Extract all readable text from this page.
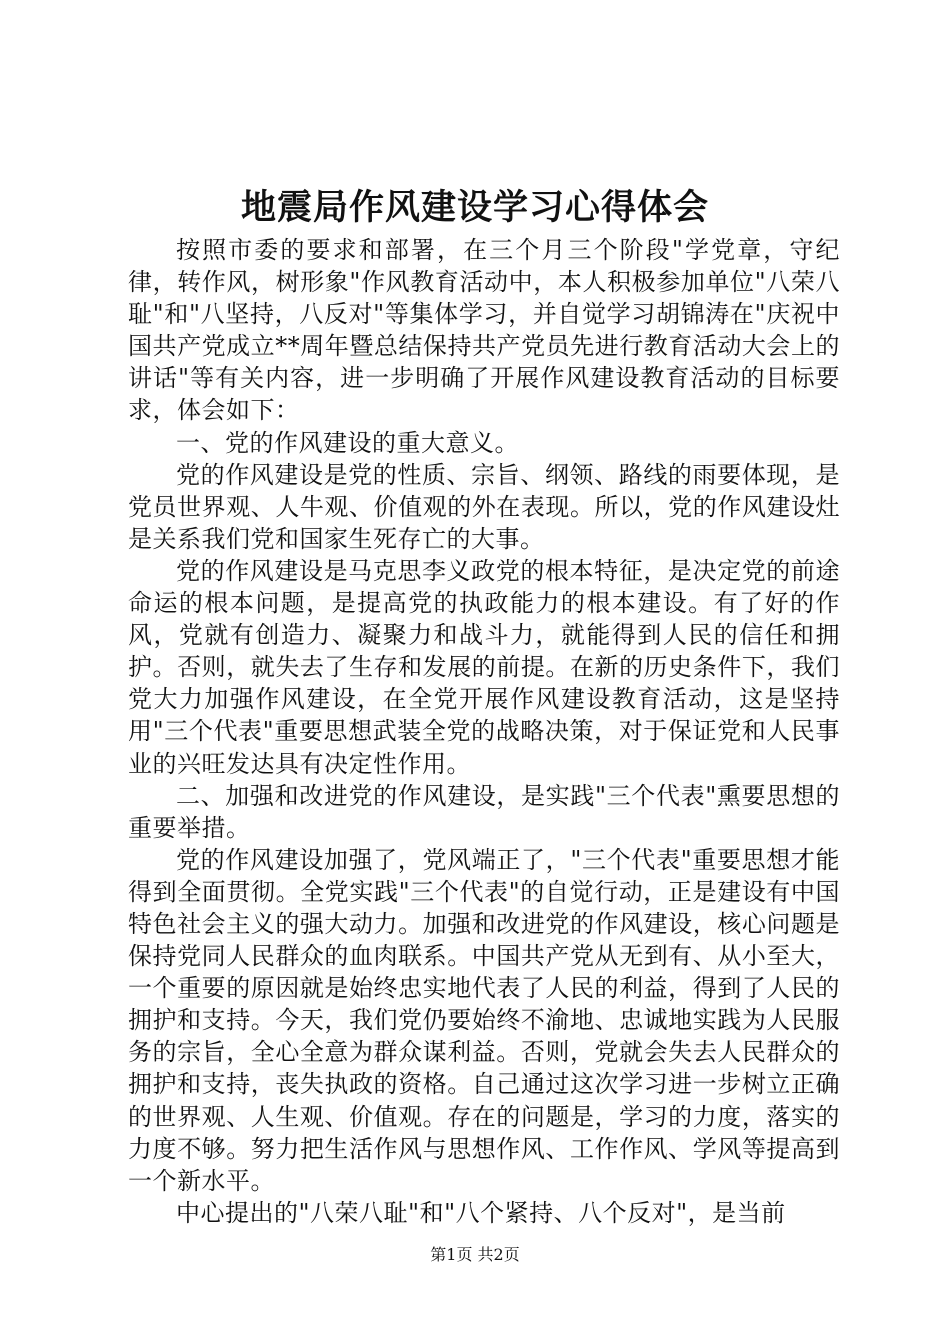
地震局作风建设学习心得体会

按照市委的要求和部署，在三个月三个阶段"学党章，守纪律，转作风，树形象"作风教育活动中，本人积极参加单位"八荣八耻"和"八坚持，八反对"等集体学习，并自觉学习胡锦涛在"庆祝中国共产党成立**周年暨总结保持共产党员先进行教育活动大会上的讲话"等有关内容，进一步明确了开展作风建设教育活动的目标要求，体会如下：

一、党的作风建设的重大意义。

党的作风建设是党的性质、宗旨、纲领、路线的雨要体现，是党员世界观、人牛观、价值观的外在表现。所以，党的作风建设灶是关系我们党和国家生死存亡的大事。

党的作风建设是马克思李义政党的根本特征，是决定党的前途命运的根本问题，是提高党的执政能力的根本建设。有了好的作风，党就有创造力、凝聚力和战斗力，就能得到人民的信任和拥护。否则，就失去了生存和发展的前提。在新的历史条件下，我们党大力加强作风建设，在全党开展作风建设教育活动，这是坚持用"三个代表"重要思想武装全党的战略决策，对于保证党和人民事业的兴旺发达具有决定性作用。

二、加强和改进党的作风建设，是实践"三个代表"熏要思想的重要举措。

党的作风建设加强了，党风端正了，"三个代表"重要思想才能得到全面贯彻。全党实践"三个代表"的自觉行动，正是建设有中国特色社会主义的强大动力。加强和改进党的作风建设，核心问题是保持党同人民群众的血肉联系。中国共产党从无到有、从小至大，一个重要的原因就是始终忠实地代表了人民的利益，得到了人民的拥护和支持。今天，我们党仍要始终不渝地、忠诚地实践为人民服务的宗旨，全心全意为群众谋利益。否则，党就会失去人民群众的拥护和支持，丧失执政的资格。自己通过这次学习进一步树立正确的世界观、人生观、价值观。存在的问题是，学习的力度，落实的力度不够。努力把生活作风与思想作风、工作作风、学风等提高到一个新水平。

中心提出的"八荣八耻"和"八个紧持、八个反对"，是当前

第1页 共2页
